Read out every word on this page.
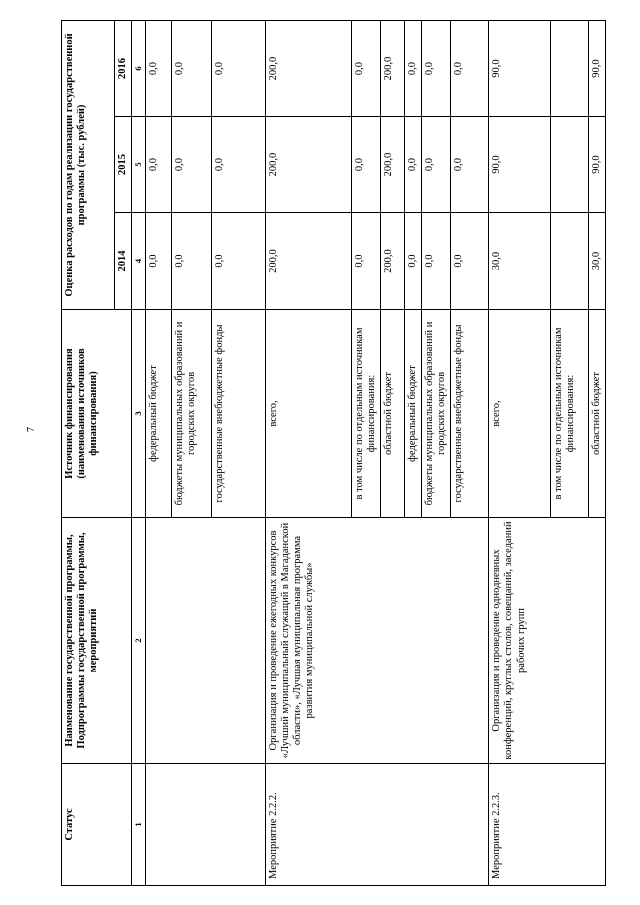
7
Статус	Наименование государственной программы, Подпрограммы государственной программы, мероприятий	Источник финансирования (наименования источников финансирования)	Оценка расходов по годам реализации государственной программы (тыс. рублей)		
			2014	2015	2016
1	2	3	4	5	6
		федеральный бюджет	0,0	0,0	0,0
		бюджеты муниципальных образований и городских округов	0,0	0,0	0,0
		государственные внебюджетные фонды	0,0	0,0	0,0
Мероприятие 2.2.2.	Организация и проведение ежегодных конкурсов «Лучший муниципальный служащий в Магаданской области», «Лучшая муниципальная программа развития муниципальной службы»	всего,	200,0	200,0	200,0
		в том числе по отдельным источникам финансирования:	0,0	0,0	0,0
		областной бюджет	200,0	200,0	200,0
		федеральный бюджет	0,0	0,0	0,0
		бюджеты муниципальных образований и городских округов	0,0	0,0	0,0
		государственные внебюджетные фонды	0,0	0,0	0,0
Мероприятие 2.2.3.	Организация и проведение однодневных конференций, круглых столов, совещаний, заседаний рабочих групп	всего,	30,0	90,0	90,0
		в том числе по отдельным источникам финансирования:			
		областной бюджет	30,0	90,0	90,0
